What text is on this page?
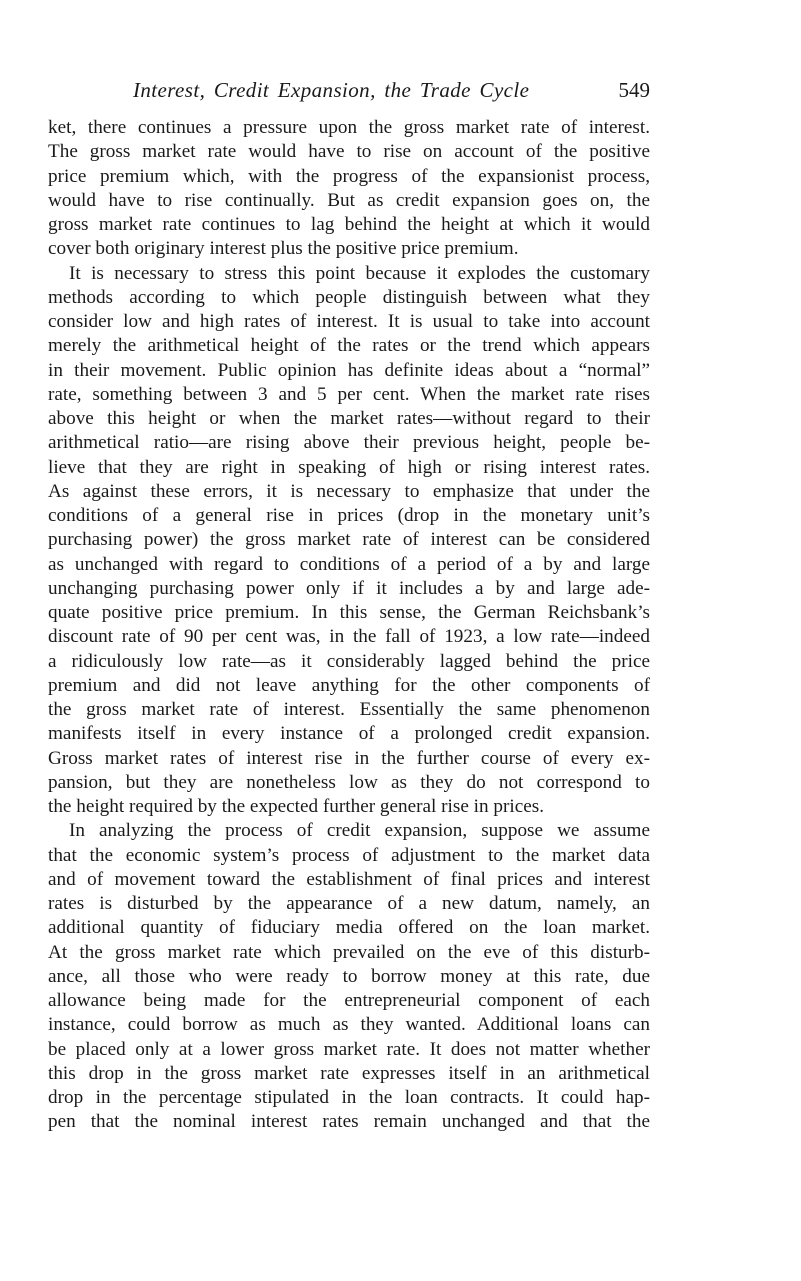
Interest, Credit Expansion, the Trade Cycle	549
ket, there continues a pressure upon the gross market rate of interest.
The gross market rate would have to rise on account of the positive
price premium which, with the progress of the expansionist process,
would have to rise continually. But as credit expansion goes on, the
gross market rate continues to lag behind the height at which it would
cover both originary interest plus the positive price premium.
It is necessary to stress this point because it explodes the customary
methods according to which people distinguish between what they
consider low and high rates of interest. It is usual to take into account
merely the arithmetical height of the rates or the trend which appears
in their movement. Public opinion has definite ideas about a “normal”
rate, something between 3 and 5 per cent. When the market rate rises
above this height or when the market rates—without regard to their
arithmetical ratio—are rising above their previous height, people be-
lieve that they are right in speaking of high or rising interest rates.
As against these errors, it is necessary to emphasize that under the
conditions of a general rise in prices (drop in the monetary unit’s
purchasing power) the gross market rate of interest can be considered
as unchanged with regard to conditions of a period of a by and large
unchanging purchasing power only if it includes a by and large ade-
quate positive price premium. In this sense, the German Reichsbank’s
discount rate of 90 per cent was, in the fall of 1923, a low rate—indeed
a ridiculously low rate—as it considerably lagged behind the price
premium and did not leave anything for the other components of
the gross market rate of interest. Essentially the same phenomenon
manifests itself in every instance of a prolonged credit expansion.
Gross market rates of interest rise in the further course of every ex-
pansion, but they are nonetheless low as they do not correspond to
the height required by the expected further general rise in prices.
In analyzing the process of credit expansion, suppose we assume
that the economic system’s process of adjustment to the market data
and of movement toward the establishment of final prices and interest
rates is disturbed by the appearance of a new datum, namely, an
additional quantity of fiduciary media offered on the loan market.
At the gross market rate which prevailed on the eve of this disturb-
ance, all those who were ready to borrow money at this rate, due
allowance being made for the entrepreneurial component of each
instance, could borrow as much as they wanted. Additional loans can
be placed only at a lower gross market rate. It does not matter whether
this drop in the gross market rate expresses itself in an arithmetical
drop in the percentage stipulated in the loan contracts. It could hap-
pen that the nominal interest rates remain unchanged and that the
